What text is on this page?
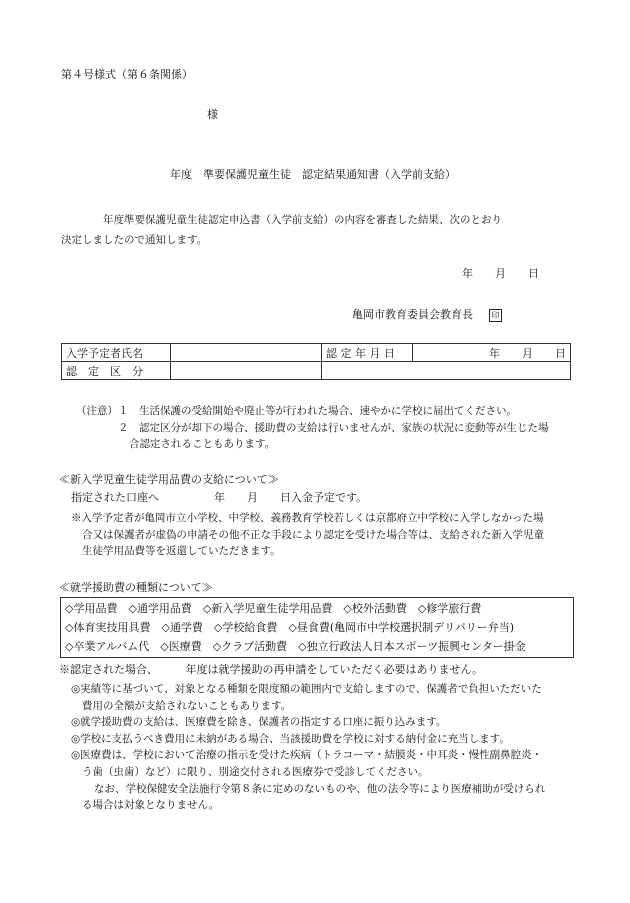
第４号様式（第６条関係）
様
年度　準要保護児童生徒　認定結果通知書（入学前支給）
年度準要保護児童生徒認定申込書（入学前支給）の内容を審査した結果、次のとおり
決定しましたので通知します。
年　　月　　日
亀岡市教育委員会教育長 印
入学予定者氏名		認 定 年 月 日	年　　月　　日
認　定　区　分			
（注意）１　生活保護の受給開始や廃止等が行われた場合、速やかに学校に届出てください。
２　認定区分が却下の場合、援助費の支給は行いませんが、家族の状況に変動等が生じた場
合認定されることもあります。
≪新入学児童生徒学用品費の支給について≫
指定された口座へ　　　　　年　　月　　日入金予定です。
※入学予定者が亀岡市立小学校、中学校、義務教育学校若しくは京都府立中学校に入学しなかった場
合又は保護者が虚偽の申請その他不正な手段により認定を受けた場合等は、支給された新入学児童
生徒学用品費等を返還していただきます。
≪就学援助費の種類について≫
◇学用品費　◇通学用品費　◇新入学児童生徒学用品費　◇校外活動費　◇修学旅行費
◇体育実技用具費　◇通学費　◇学校給食費　◇昼食費(亀岡市中学校選択制デリバリー弁当)
◇卒業アルバム代　◇医療費　◇クラブ活動費　◇独立行政法人日本スポーツ振興センター掛金
※認定された場合、　　　年度は就学援助の再申請をしていただく必要はありません。
◎実績等に基づいて、対象となる種類を限度額の範囲内で支給しますので、保護者で負担いただいた
費用の全額が支給されないこともあります。
◎就学援助費の支給は、医療費を除き、保護者の指定する口座に振り込みます。
◎学校に支払うべき費用に未納がある場合、当該援助費を学校に対する納付金に充当します。
◎医療費は、学校において治療の指示を受けた疾病（トラコーマ・結膜炎・中耳炎・慢性副鼻腔炎・
う歯（虫歯）など）に限り、別途交付される医療券で受診してください。
なお、学校保健安全法施行令第８条に定めのないものや、他の法令等により医療補助が受けられ
る場合は対象となりません。
